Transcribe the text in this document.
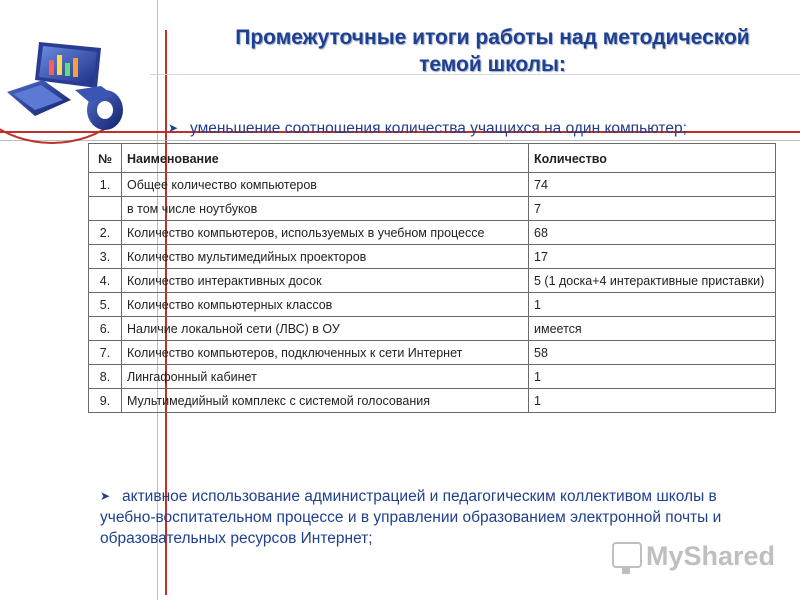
Промежуточные итоги работы над методической
темой школы:
➤ уменьшение соотношения количества учащихся на один компьютер;
№	Наименование	Количество
1.	Общее количество компьютеров	74
	в том числе ноутбуков	7
2.	Количество компьютеров, используемых в учебном процессе	68
3.	Количество мультимедийных проекторов	17
4.	Количество интерактивных досок	5 (1 доска+4 интерактивные приставки)
5.	Количество компьютерных классов	1
6.	Наличие локальной сети (ЛВС) в ОУ	имеется
7.	Количество компьютеров, подключенных к сети Интернет	58
8.	Лингафонный кабинет	1
9.	Мультимедийный комплекс с системой голосования	1
➤ активное использование администрацией и педагогическим коллективом школы в учебно-воспитательном процессе и в управлении образованием электронной почты и образовательных ресурсов Интернет;
MyShared
